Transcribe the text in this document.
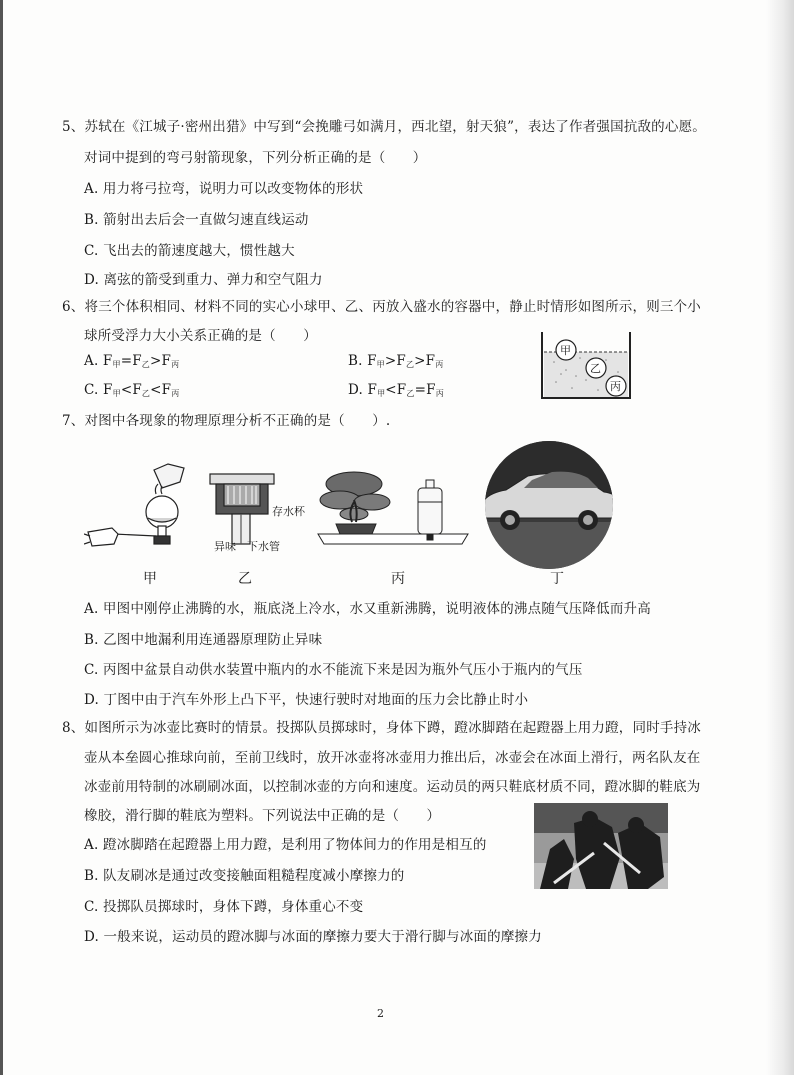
5、苏轼在《江城子·密州出猎》中写到“会挽雕弓如满月，西北望，射天狼”，表达了作者强国抗敌的心愿。
对词中提到的弯弓射箭现象，下列分析正确的是（　　）
A. 用力将弓拉弯，说明力可以改变物体的形状
B. 箭射出去后会一直做匀速直线运动
C. 飞出去的箭速度越大，惯性越大
D. 离弦的箭受到重力、弹力和空气阻力
6、将三个体积相同、材料不同的实心小球甲、乙、丙放入盛水的容器中，静止时情形如图所示，则三个小
球所受浮力大小关系正确的是（　　）
A. $F_甲=F_乙>F_丙$	B. $F_甲>F_乙>F_丙$
C. $F_甲<F_乙<F_丙$	D. $F_甲<F_乙=F_丙$
甲
乙
丙
7、对图中各现象的物理原理分析不正确的是（　　）.
存水杯
异味 下水管
甲	乙	丙	丁
A. 甲图中刚停止沸腾的水，瓶底浇上冷水，水又重新沸腾，说明液体的沸点随气压降低而升高
B. 乙图中地漏利用连通器原理防止异味
C. 丙图中盆景自动供水装置中瓶内的水不能流下来是因为瓶外气压小于瓶内的气压
D. 丁图中由于汽车外形上凸下平，快速行驶时对地面的压力会比静止时小
8、如图所示为冰壶比赛时的情景。投掷队员掷球时，身体下蹲，蹬冰脚踏在起蹬器上用力蹬，同时手持冰
壶从本垒圆心推球向前，至前卫线时，放开冰壶将冰壶用力推出后，冰壶会在冰面上滑行，两名队友在
冰壶前用特制的冰刷刷冰面，以控制冰壶的方向和速度。运动员的两只鞋底材质不同，蹬冰脚的鞋底为
橡胶，滑行脚的鞋底为塑料。下列说法中正确的是（　　）
A. 蹬冰脚踏在起蹬器上用力蹬，是利用了物体间力的作用是相互的
B. 队友刷冰是通过改变接触面粗糙程度减小摩擦力的
C. 投掷队员掷球时，身体下蹲，身体重心不变
D. 一般来说，运动员的蹬冰脚与冰面的摩擦力要大于滑行脚与冰面的摩擦力
2
